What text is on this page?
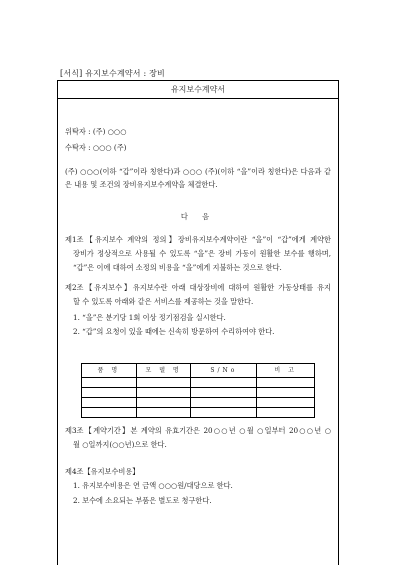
[서식] 유지보수계약서 : 장비
유지보수계약서
위탁자 : (주) ○○○
수탁자 : ○○○ (주)
(주) ○○○(이하 “갑”이라 칭한다)과 ○○○ (주)(이하 “을”이라 칭한다)은 다음과 같
은 내용 및 조건의 장비유지보수계약을 체결한다.
다 음
제1조【유지보수 계약의 정의】장비유지보수계약이란 “을”이 “갑”에게 계약한
장비가 정상적으로 사용될 수 있도록 “을”은 장비 가동이 원활한 보수를 행하며,
“갑”은 이에 대하여 소정의 비용을 “을”에게 지불하는 것으로 한다.
제2조【유지보수】유지보수란 아래 대상장비에 대하여 원활한 가동상태를 유지
할 수 있도록 아래와 같은 서비스를 제공하는 것을 말한다.
1. “을”은 분기당 1회 이상 정기점검을 실시한다.
2. “갑”의 요청이 있을 때에는 신속히 방문하여 수리하여야 한다.
품 명	모 델 명	S/No	비 고

제3조【계약기간】본 계약의 유효기간은 20○○년 ○월 ○일부터 20○○년 ○
월 ○일까지(○○년)으로 한다.
제4조【유지보수비용】
1. 유지보수비용은 연 금액 ○○○원/대당으로 한다.
2. 보수에 소요되는 부품은 별도로 청구한다.
